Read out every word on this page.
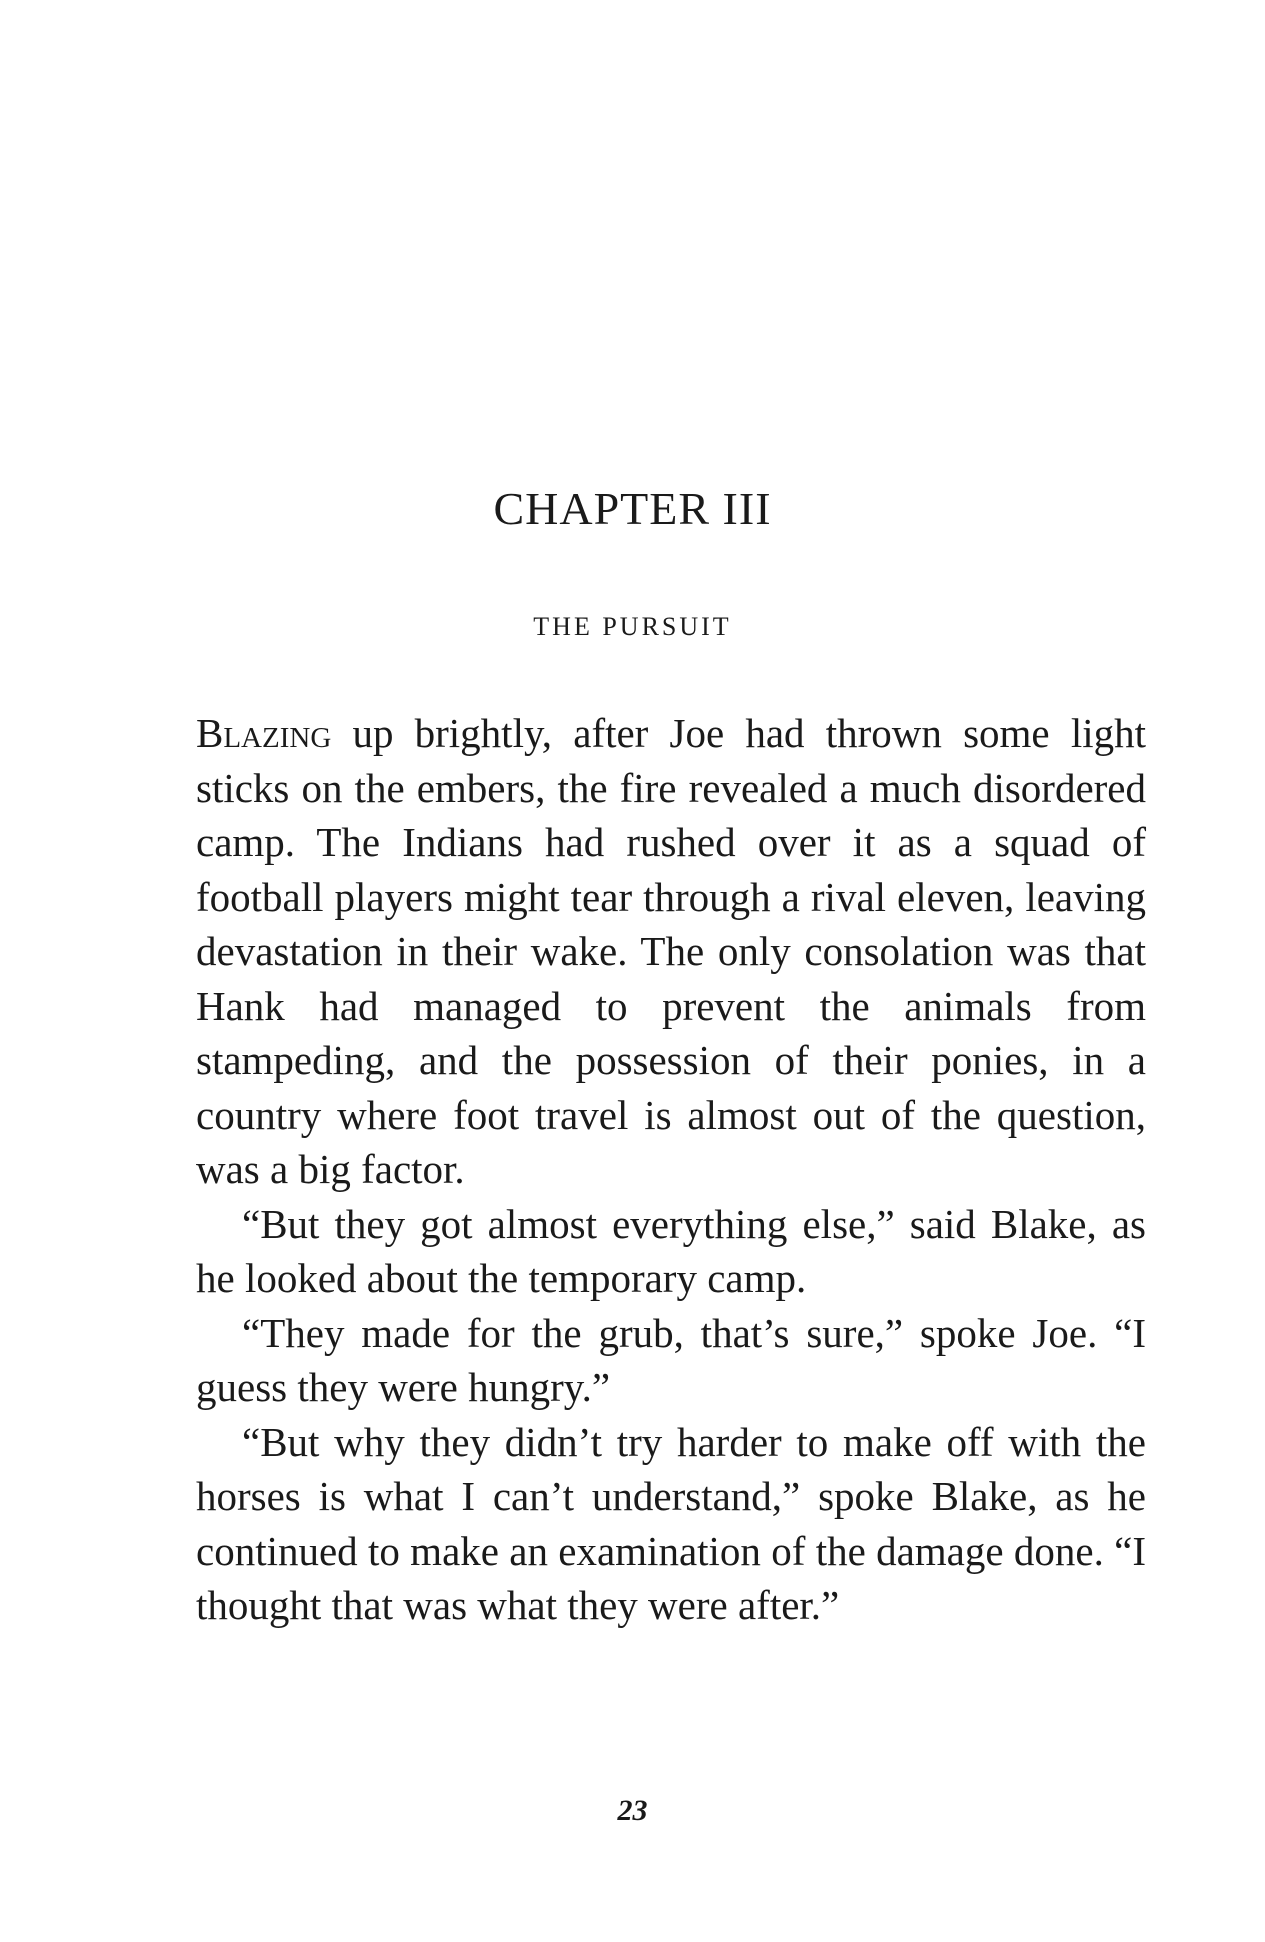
CHAPTER III
THE PURSUIT

Blazing up brightly, after Joe had thrown some light sticks on the embers, the fire revealed a much disordered camp. The Indians had rushed over it as a squad of football players might tear through a rival eleven, leaving devastation in their wake. The only consolation was that Hank had managed to prevent the animals from stampeding, and the possession of their ponies, in a country where foot travel is almost out of the question, was a big factor.

“But they got almost everything else,” said Blake, as he looked about the temporary camp.

“They made for the grub, that’s sure,” spoke Joe. “I guess they were hungry.”

“But why they didn’t try harder to make off with the horses is what I can’t understand,” spoke Blake, as he continued to make an examination of the damage done. “I thought that was what they were after.”

23
